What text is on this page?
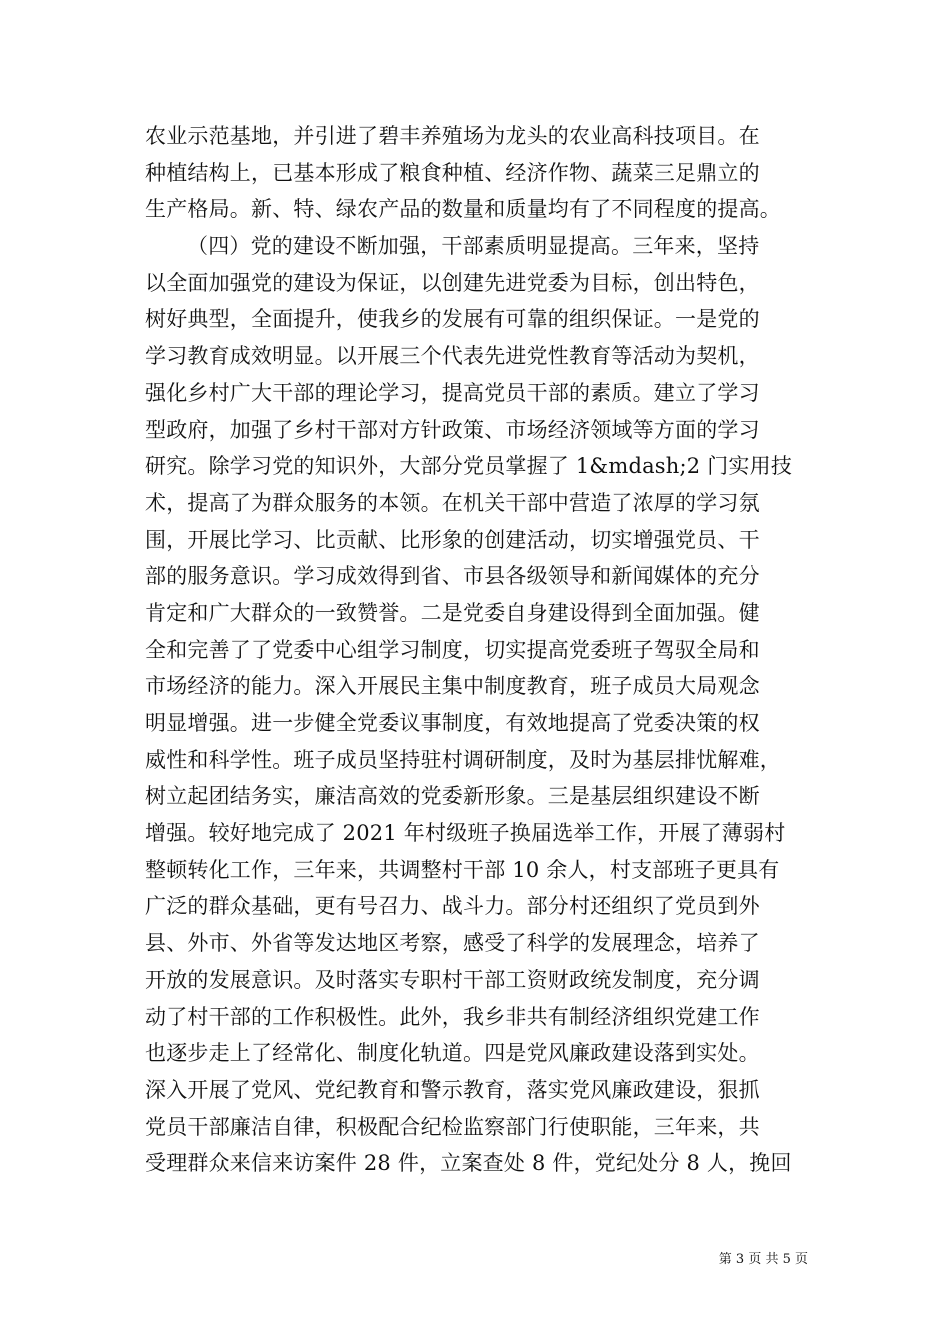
农业示范基地，并引进了碧丰养殖场为龙头的农业高科技项目。在
种植结构上，已基本形成了粮食种植、经济作物、蔬菜三足鼎立的
生产格局。新、特、绿农产品的数量和质量均有了不同程度的提高。
（四）党的建设不断加强，干部素质明显提高。三年来，坚持
以全面加强党的建设为保证，以创建先进党委为目标，创出特色，
树好典型，全面提升，使我乡的发展有可靠的组织保证。一是党的
学习教育成效明显。以开展三个代表先进党性教育等活动为契机，
强化乡村广大干部的理论学习，提高党员干部的素质。建立了学习
型政府，加强了乡村干部对方针政策、市场经济领域等方面的学习
研究。除学习党的知识外，大部分党员掌握了 1&mdash;2 门实用技
术，提高了为群众服务的本领。在机关干部中营造了浓厚的学习氛
围，开展比学习、比贡献、比形象的创建活动，切实增强党员、干
部的服务意识。学习成效得到省、市县各级领导和新闻媒体的充分
肯定和广大群众的一致赞誉。二是党委自身建设得到全面加强。健
全和完善了了党委中心组学习制度，切实提高党委班子驾驭全局和
市场经济的能力。深入开展民主集中制度教育，班子成员大局观念
明显增强。进一步健全党委议事制度，有效地提高了党委决策的权
威性和科学性。班子成员坚持驻村调研制度，及时为基层排忧解难，
树立起团结务实，廉洁高效的党委新形象。三是基层组织建设不断
增强。较好地完成了 2021 年村级班子换届选举工作，开展了薄弱村
整顿转化工作，三年来，共调整村干部 10 余人，村支部班子更具有
广泛的群众基础，更有号召力、战斗力。部分村还组织了党员到外
县、外市、外省等发达地区考察，感受了科学的发展理念，培养了
开放的发展意识。及时落实专职村干部工资财政统发制度，充分调
动了村干部的工作积极性。此外，我乡非共有制经济组织党建工作
也逐步走上了经常化、制度化轨道。四是党风廉政建设落到实处。
深入开展了党风、党纪教育和警示教育，落实党风廉政建设，狠抓
党员干部廉洁自律，积极配合纪检监察部门行使职能，三年来，共
受理群众来信来访案件 28 件，立案查处 8 件，党纪处分 8 人，挽回
第 3 页 共 5 页
